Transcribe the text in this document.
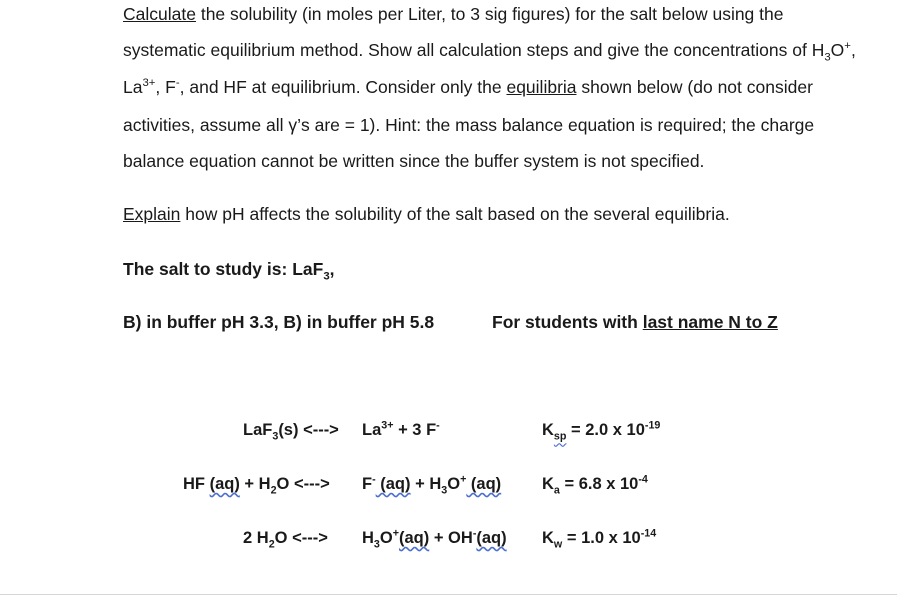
Calculate the solubility (in moles per Liter, to 3 sig figures) for the salt below using the
systematic equilibrium method. Show all calculation steps and give the concentrations of $H_3O^+$,
$La^{3+}$, F-, and HF at equilibrium. Consider only the equilibria shown below (do not consider
activities, assume all γ’s are = 1). Hint: the mass balance equation is required; the charge
balance equation cannot be written since the buffer system is not specified.
Explain how pH affects the solubility of the salt based on the several equilibria.
The salt to study is: LaF$_3$,
B) in buffer pH 3.3, B) in buffer pH 5.8	For students with last name N to Z
LaF$_3$(s) <---> $La^{3+} + 3$ F-	$K_{sp} = 2.0$ x $10^{-19}$
HF $(aq) + H_2O$ <---> F- $(aq) + H_3O^+$ (aq) $K_a = 6.8$ x $10^{-4}$
2 $H_2O$ <---> $H_3O^+(aq) + OH^-(aq) K_w = 1.0$ x $10^{-14}$
